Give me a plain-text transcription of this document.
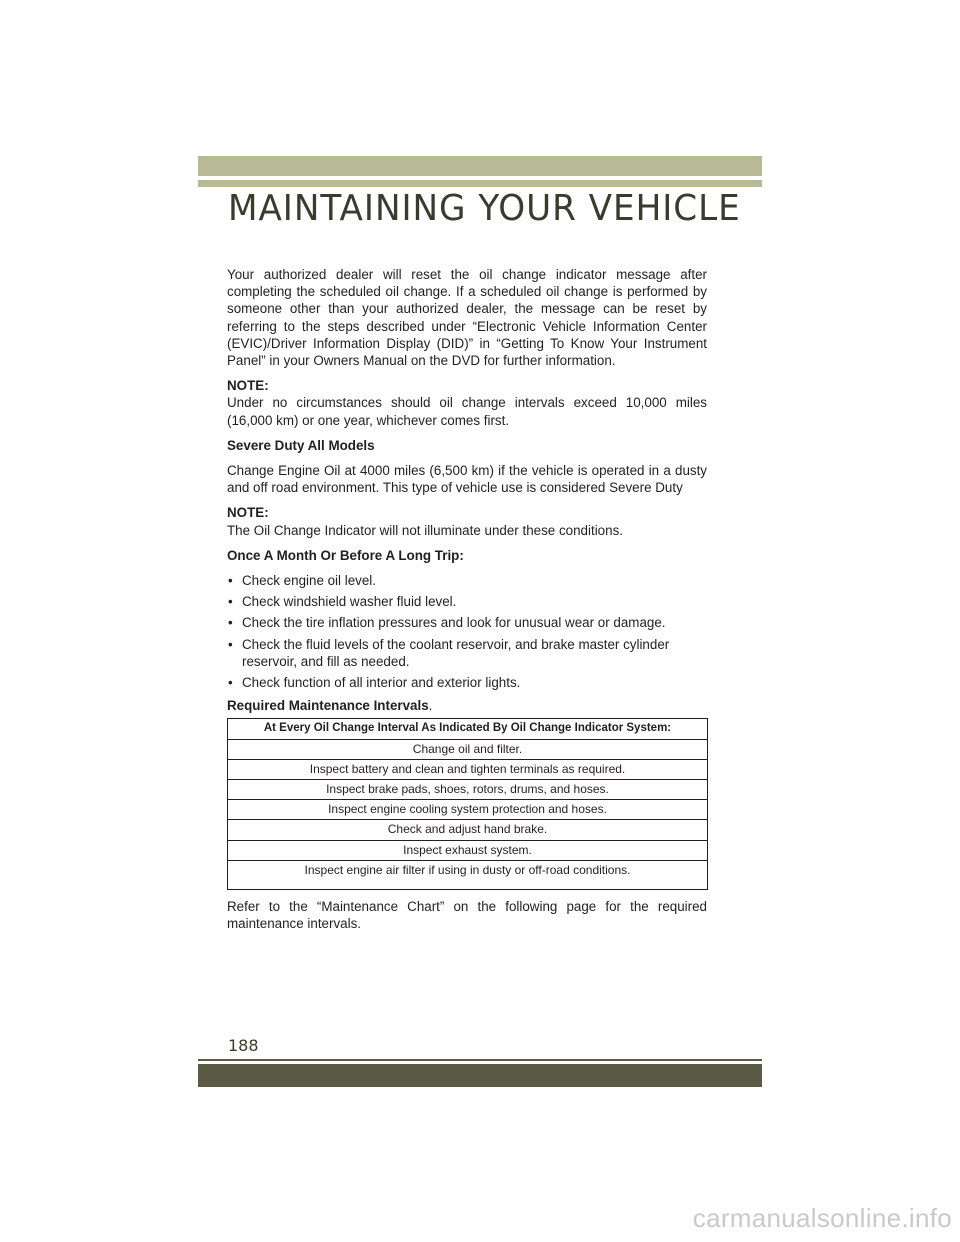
MAINTAINING YOUR VEHICLE

Your authorized dealer will reset the oil change indicator message after completing the scheduled oil change. If a scheduled oil change is performed by someone other than your authorized dealer, the message can be reset by referring to the steps described under “Electronic Vehicle Information Center (EVIC)/Driver Information Display (DID)” in “Getting To Know Your Instrument Panel” in your Owners Manual on the DVD for further information.

NOTE:

Under no circumstances should oil change intervals exceed 10,000 miles (16,000 km) or one year, whichever comes first.

Severe Duty All Models

Change Engine Oil at 4000 miles (6,500 km) if the vehicle is operated in a dusty and off road environment. This type of vehicle use is considered Severe Duty

NOTE:

The Oil Change Indicator will not illuminate under these conditions.

Once A Month Or Before A Long Trip:

• Check engine oil level.
• Check windshield washer fluid level.
• Check the tire inflation pressures and look for unusual wear or damage.
• Check the fluid levels of the coolant reservoir, and brake master cylinder reservoir, and fill as needed.
• Check function of all interior and exterior lights.

Required Maintenance Intervals.

At Every Oil Change Interval As Indicated By Oil Change Indicator System:
Change oil and filter.
Inspect battery and clean and tighten terminals as required.
Inspect brake pads, shoes, rotors, drums, and hoses.
Inspect engine cooling system protection and hoses.
Check and adjust hand brake.
Inspect exhaust system.
Inspect engine air filter if using in dusty or off-road conditions.

Refer to the “Maintenance Chart” on the following page for the required maintenance intervals.

188
carmanualsonline.info
